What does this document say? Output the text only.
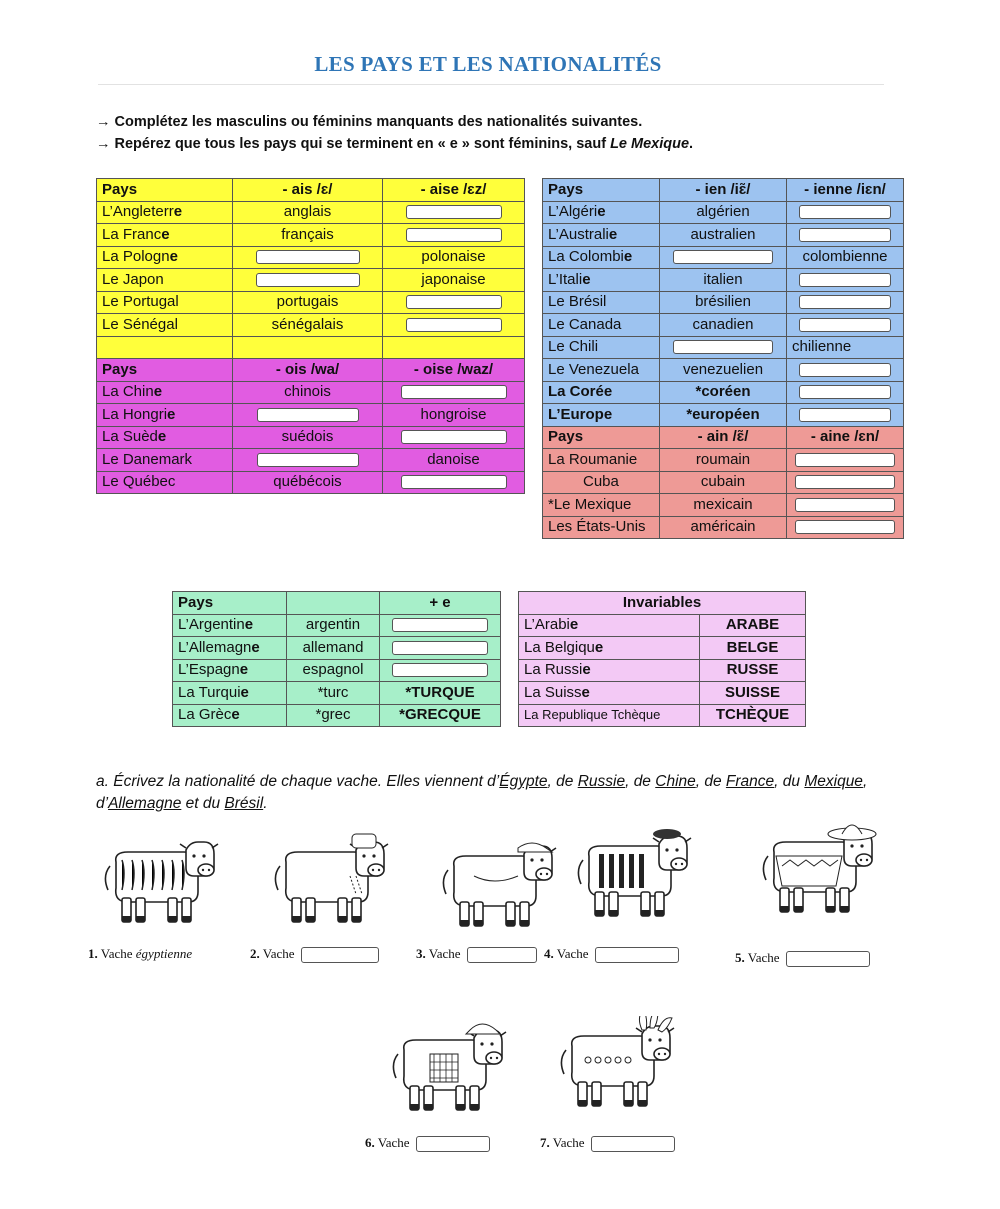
LES PAYS ET LES NATIONALITÉS
→ Complétez les masculins ou féminins manquants des nationalités suivantes.
→ Repérez que tous les pays qui se terminent en « e » sont féminins, sauf Le Mexique.
Pays	- ais /ɛ/	- aise /ɛz/
L’Angleterre	anglais	
La France	français	
La Pologne		polonaise
Le Japon		japonaise
Le Portugal	portugais	
Le Sénégal	sénégalais	

Pays	- ois /wa/	- oise /waz/
La Chine	chinois	
La Hongrie		hongroise
La Suède	suédois	
Le Danemark		danoise
Le Québec	québécois	
Pays	- ien /iɛ̃/	- ienne /iɛn/
L’Algérie	algérien	
L’Australie	australien	
La Colombie		colombienne
L’Italie	italien	
Le Brésil	brésilien	
Le Canada	canadien	
Le Chili		chilienne
Le Venezuela	venezuelien	
La Corée	*coréen	
L’Europe	*européen	
Pays	- ain /ɛ̃/	- aine /ɛn/
La Roumanie	roumain	
Cuba	cubain	
*Le Mexique	mexicain	
Les États-Unis	américain	
Pays		+ e
L’Argentine	argentin	
L’Allemagne	allemand	
L’Espagne	espagnol	
La Turquie	*turc	*TURQUE
La Grèce	*grec	*GRECQUE
Invariables	
L’Arabie	ARABE
La Belgique	BELGE
La Russie	RUSSE
La Suisse	SUISSE
La Republique Tchèque	TCHÈQUE
a. Écrivez la nationalité de chaque vache. Elles viennent d’Égypte, de Russie, de Chine, de France, du Mexique, d’Allemagne et du Brésil.
1. Vache égyptienne	2. Vache	3. Vache	4. Vache	5. Vache
6. Vache	7. Vache
